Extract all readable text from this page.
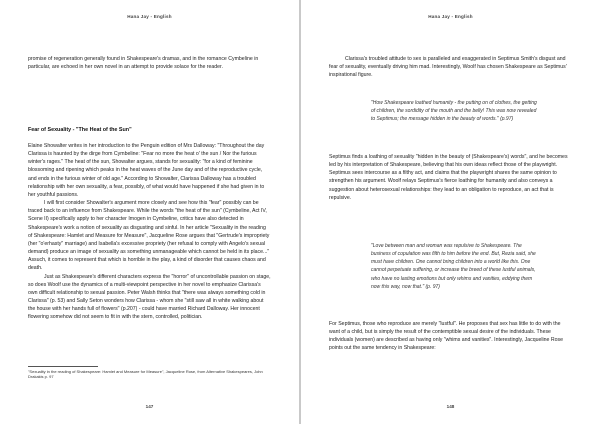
Hana Jay - English

promise of regeneration generally found in Shakespeare's dramas, and in the romance Cymbeline in particular, are echoed in her own novel in an attempt to provide solace for the reader.

Fear of Sexuality - "The Heat of the Sun"

Elaine Showalter writes in her introduction to the Penguin edition of Mrs Dalloway: "Throughout the day Clarissa is haunted by the dirge from Cymbeline: "Fear no more the heat o' the sun / Nor the furious winter's rages." The heat of the sun, Showalter argues, stands for sexuality: "for a kind of feminine blossoming and ripening which peaks in the heat waves of the June day and of the reproductive cycle, and ends in the furious winter of old age." According to Showalter, Clarissa Dalloway has a troubled relationship with her own sexuality, a fear, possibly, of what would have happened if she had given in to her youthful passions.

I will first consider Showalter's argument more closely and see how this "fear" possibly can be traced back to an influence from Shakespeare. While the words "the heat of the sun" (Cymbeline, Act IV, Scene II) specifically apply to her character Imogen in Cymbeline, critics have also detected in Shakespeare's work a notion of sexuality as disgusting and sinful. In her article "Sexuality in the reading of Shakespeare: Hamlet and Measure for Measure", Jacqueline Rose argues that "Gertrude's impropriety (her "o'erhasty" marriage) and Isabella's excessive propriety (her refusal to comply with Angelo's sexual demand) produce an image of sexuality as something unmanageable which cannot be held in its place..." Assuch, it comes to represent that which is horrible in the play, a kind of disorder that causes chaos and death.

Just as Shakespeare's different characters express the "horror" of uncontrollable passion on stage, so does Woolf use the dynamics of a multi-viewpoint perspective in her novel to emphasize Clarissa's own difficult relationship to sexual passion. Peter Walsh thinks that "there was always something cold in Clarissa" (p. 53) and Sally Seton wonders how Clarissa - whom she "still saw all in white walking about the house with her hands full of flowers" (p.207) - could have married Richard Dalloway. Her innocent flowering somehow did not seem to fit in with the stern, controlled, politician.

"Sexuality in the reading of Shakespeare: Hamlet and Measure for Measure", Jacqueline Rose, from Alternative Shakespeares, John Drakakis p. 97
147
Hana Jay - English

Clarissa's troubled attitude to sex is paralleled and exaggerated in Septimus Smith's disgust and fear of sexuality, eventually driving him mad. Interestingly, Woolf has chosen Shakespeare as Septimus' inspirational figure.

"How Shakespeare loathed humanity - the putting on of clothes, the getting of children, the sordidity of the mouth and the belly! This was now revealed to Septimus; the message hidden in the beauty of words." (p.97)

Septimus finds a loathing of sexuality "hidden in the beauty of (Shakespeare's) words", and he becomes led by his interpretation of Shakespeare, believing that his own ideas reflect those of the playwright. Septimus sees intercourse as a filthy act, and claims that the playwright shares the same opinion to strengthen his argument. Woolf relays Septimus's fierce loathing for humanity and also conveys a suggestion about heterosexual relationships: they lead to an obligation to reproduce, an act that is repulsive.

"Love between man and woman was repulsive to Shakespeare. The business of copulation was filth to him before the end. But, Rezia said, she must have children. One cannot bring children into a world like this. One cannot perpetuate suffering, or increase the breed of these lustful animals, who have no lasting emotions but only whims and vanities, eddying them now this way, now that." (p. 97)

For Septimus, those who reproduce are merely "lustful". He proposes that sex has little to do with the want of a child, but is simply the result of the contemptible sexual desire of the individuals. These individuals (women) are described as having only "whims and vanities". Interestingly, Jacqueline Rose points out the same tendency in Shakespeare:

148
